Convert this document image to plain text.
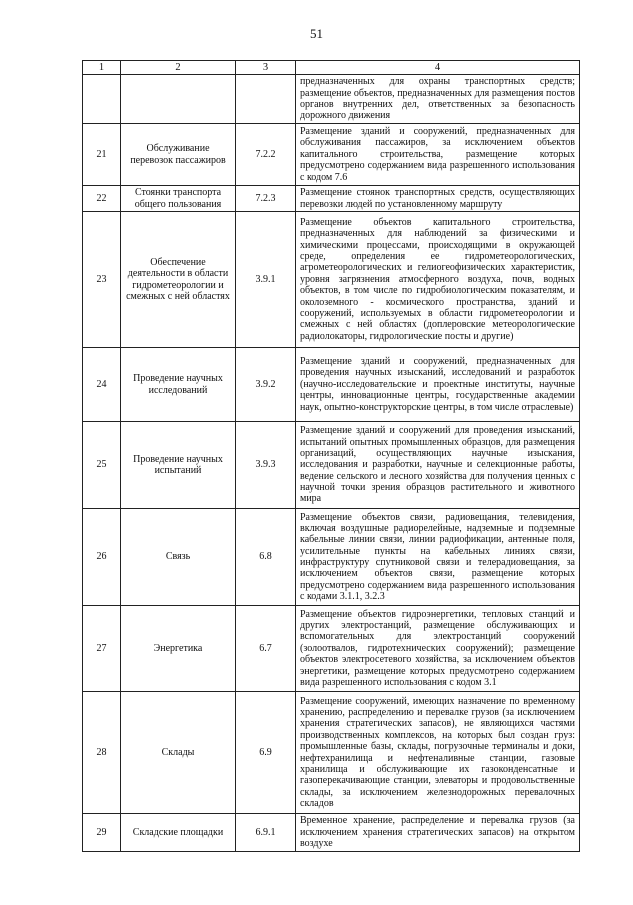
51
1	2	3	4
			предназначенных для охраны транспортных средств; размещение объектов, предназначенных для размещения постов органов внутренних дел, ответственных за безопасность дорожного движения
21	Обслуживание перевозок пассажиров	7.2.2	Размещение зданий и сооружений, предназначенных для обслуживания пассажиров, за исключением объектов капитального строительства, размещение которых предусмотрено содержанием вида разрешенного использования с кодом 7.6
22	Стоянки транспорта общего пользования	7.2.3	Размещение стоянок транспортных средств, осуществляющих перевозки людей по установленному маршруту
23	Обеспечение деятельности в области гидрометеорологии и смежных с ней областях	3.9.1	Размещение объектов капитального строительства, предназначенных для наблюдений за физическими и химическими процессами, происходящими в окружающей среде, определения ее гидрометеорологических, агрометеорологических и гелиогеофизических характеристик, уровня загрязнения атмосферного воздуха, почв, водных объектов, в том числе по гидробиологическим показателям, и околоземного - космического пространства, зданий и сооружений, используемых в области гидрометеорологии и смежных с ней областях (доплеровские метеорологические радиолокаторы, гидрологические посты и другие)
24	Проведение научных исследований	3.9.2	Размещение зданий и сооружений, предназначенных для проведения научных изысканий, исследований и разработок (научно-исследовательские и проектные институты, научные центры, инновационные центры, государственные академии наук, опытно-конструкторские центры, в том числе отраслевые)
25	Проведение научных испытаний	3.9.3	Размещение зданий и сооружений для проведения изысканий, испытаний опытных промышленных образцов, для размещения организаций, осуществляющих научные изыскания, исследования и разработки, научные и селекционные работы, ведение сельского и лесного хозяйства для получения ценных с научной точки зрения образцов растительного и животного мира
26	Связь	6.8	Размещение объектов связи, радиовещания, телевидения, включая воздушные радиорелейные, надземные и подземные кабельные линии связи, линии радиофикации, антенные поля, усилительные пункты на кабельных линиях связи, инфраструктуру спутниковой связи и телерадиовещания, за исключением объектов связи, размещение которых предусмотрено содержанием вида разрешенного использования с кодами 3.1.1, 3.2.3
27	Энергетика	6.7	Размещение объектов гидроэнергетики, тепловых станций и других электростанций, размещение обслуживающих и вспомогательных для электростанций сооружений (золоотвалов, гидротехнических сооружений); размещение объектов электросетевого хозяйства, за исключением объектов энергетики, размещение которых предусмотрено содержанием вида разрешенного использования с кодом 3.1
28	Склады	6.9	Размещение сооружений, имеющих назначение по временному хранению, распределению и перевалке грузов (за исключением хранения стратегических запасов), не являющихся частями производственных комплексов, на которых был создан груз: промышленные базы, склады, погрузочные терминалы и доки, нефтехранилища и нефтеналивные станции, газовые хранилища и обслуживающие их газоконденсатные и газоперекачивающие станции, элеваторы и продовольственные склады, за исключением железнодорожных перевалочных складов
29	Складские площадки	6.9.1	Временное хранение, распределение и перевалка грузов (за исключением хранения стратегических запасов) на открытом воздухе
